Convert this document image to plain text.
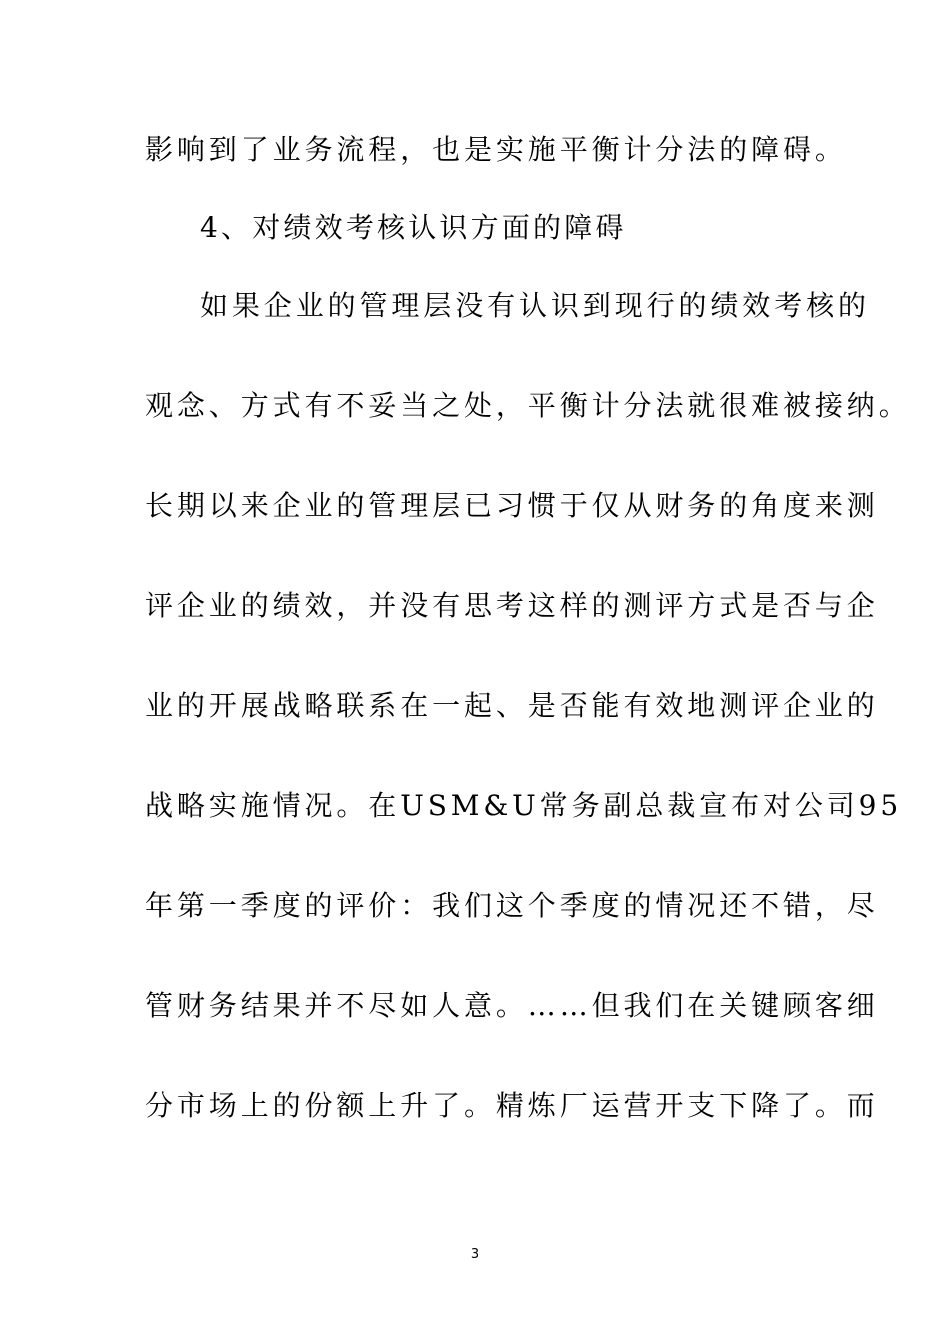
影响到了业务流程，也是实施平衡计分法的障碍。
4、对绩效考核认识方面的障碍
如果企业的管理层没有认识到现行的绩效考核的
观念、方式有不妥当之处，平衡计分法就很难被接纳。
长期以来企业的管理层已习惯于仅从财务的角度来测
评企业的绩效，并没有思考这样的测评方式是否与企
业的开展战略联系在一起、是否能有效地测评企业的
战略实施情况。在USM&U常务副总裁宣布对公司95
年第一季度的评价：我们这个季度的情况还不错，尽
管财务结果并不尽如人意。……但我们在关键顾客细
分市场上的份额上升了。精炼厂运营开支下降了。而
3
